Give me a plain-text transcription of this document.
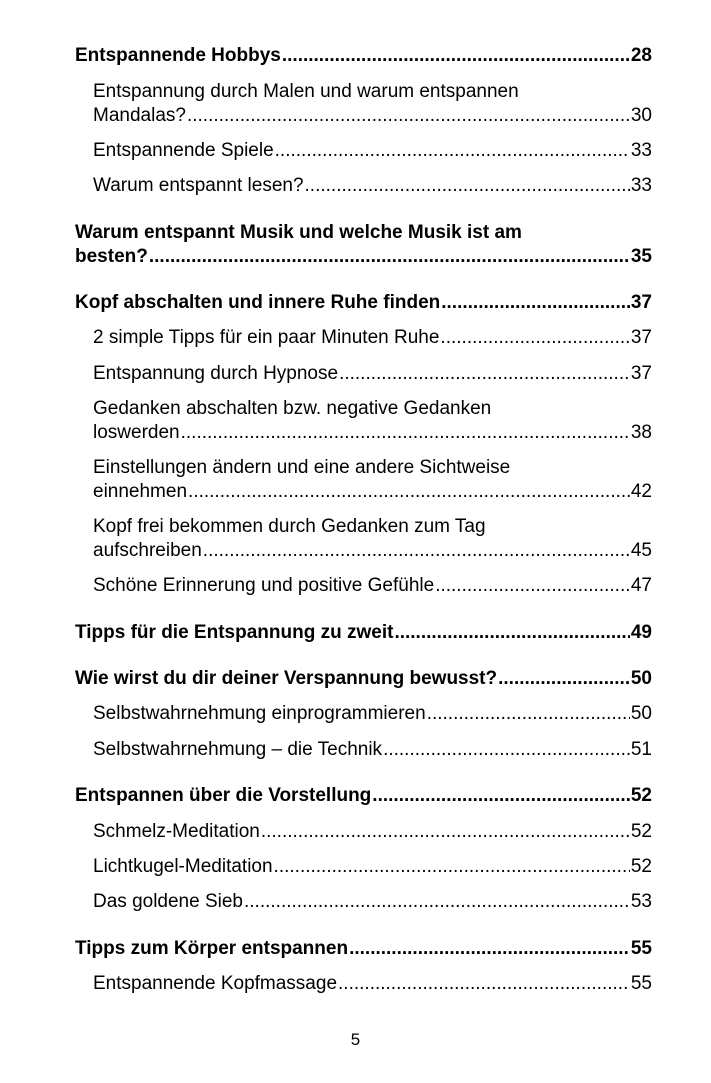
Entspannende Hobbys .....	28
Entspannung durch Malen und warum entspannen
Mandalas? .....	30
Entspannende Spiele .....	33
Warum entspannt lesen? .....	33
Warum entspannt Musik und welche Musik ist am
besten? .....	35
Kopf abschalten und innere Ruhe finden .....	37
2 simple Tipps für ein paar Minuten Ruhe .....	37
Entspannung durch Hypnose .....	37
Gedanken abschalten bzw. negative Gedanken
loswerden .....	38
Einstellungen ändern und eine andere Sichtweise
einnehmen .....	42
Kopf frei bekommen durch Gedanken zum Tag
aufschreiben .....	45
Schöne Erinnerung und positive Gefühle .....	47
Tipps für die Entspannung zu zweit .....	49
Wie wirst du dir deiner Verspannung bewusst? .....	50
Selbstwahrnehmung einprogrammieren .....	50
Selbstwahrnehmung – die Technik .....	51
Entspannen über die Vorstellung .....	52
Schmelz-Meditation .....	52
Lichtkugel-Meditation .....	52
Das goldene Sieb .....	53
Tipps zum Körper entspannen .....	55
Entspannende Kopfmassage .....	55
5
